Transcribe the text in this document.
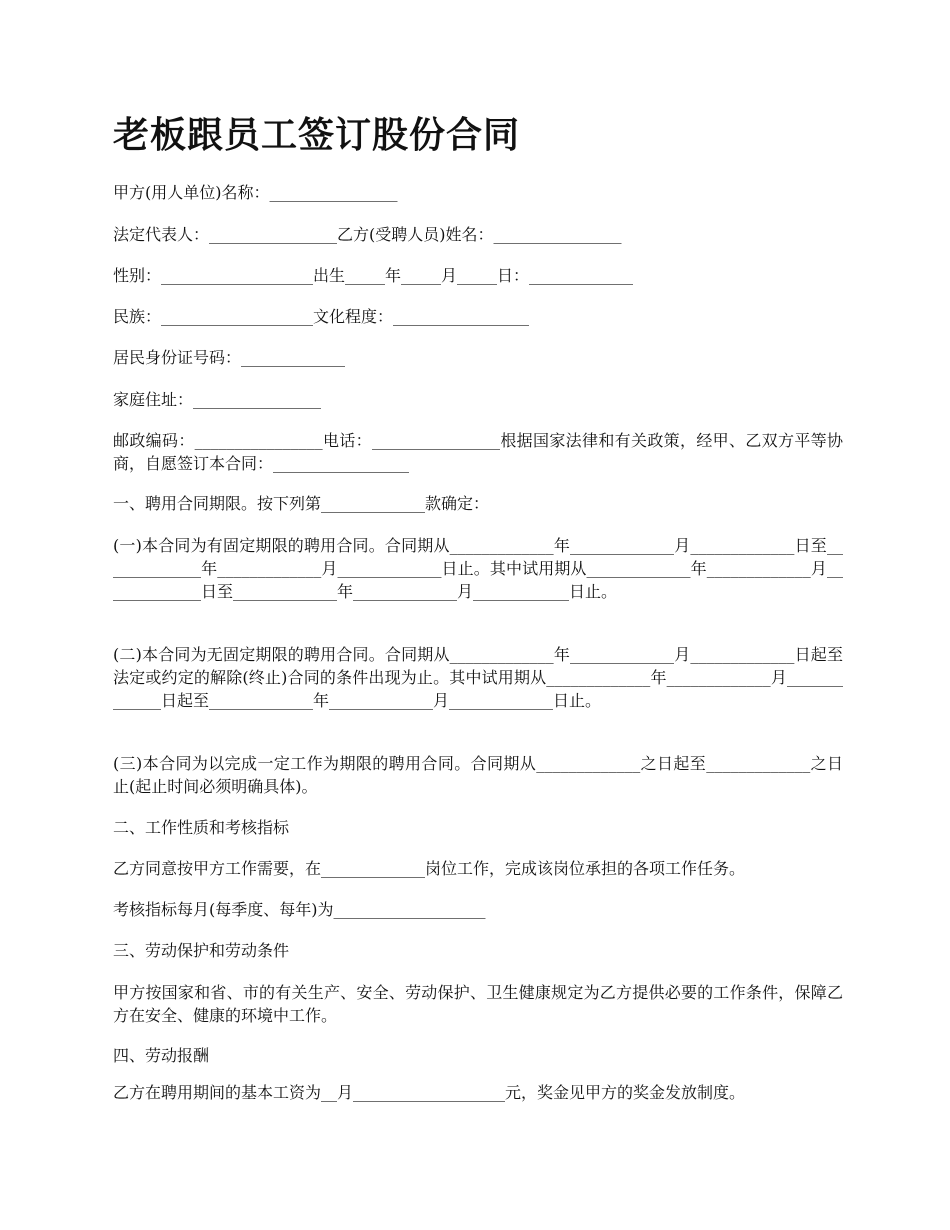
老板跟员工签订股份合同

甲方(用人单位)名称：________________

法定代表人：________________乙方(受聘人员)姓名：________________

性别：___________________出生_____年_____月_____日：_____________

民族：___________________文化程度：_________________

居民身份证号码：_____________

家庭住址：________________

邮政编码：________________电话：________________根据国家法律和有关政策，经甲、乙双方平等协商，自愿签订本合同：_________________

一、聘用合同期限。按下列第_____________款确定：

(一)本合同为有固定期限的聘用合同。合同期从_____________年_____________月_____________日至_____________年_____________月_____________日止。其中试用期从_____________年_____________月_____________日至_____________年_____________月____________日止。

(二)本合同为无固定期限的聘用合同。合同期从_____________年_____________月_____________日起至法定或约定的解除(终止)合同的条件出现为止。其中试用期从_____________年_____________月_____________日起至_____________年_____________月_____________日止。

(三)本合同为以完成一定工作为期限的聘用合同。合同期从_____________之日起至_____________之日止(起止时间必须明确具体)。

二、工作性质和考核指标

乙方同意按甲方工作需要，在_____________岗位工作，完成该岗位承担的各项工作任务。

考核指标每月(每季度、每年)为___________________

三、劳动保护和劳动条件

甲方按国家和省、市的有关生产、安全、劳动保护、卫生健康规定为乙方提供必要的工作条件，保障乙方在安全、健康的环境中工作。

四、劳动报酬

乙方在聘用期间的基本工资为__月___________________元，奖金见甲方的奖金发放制度。
